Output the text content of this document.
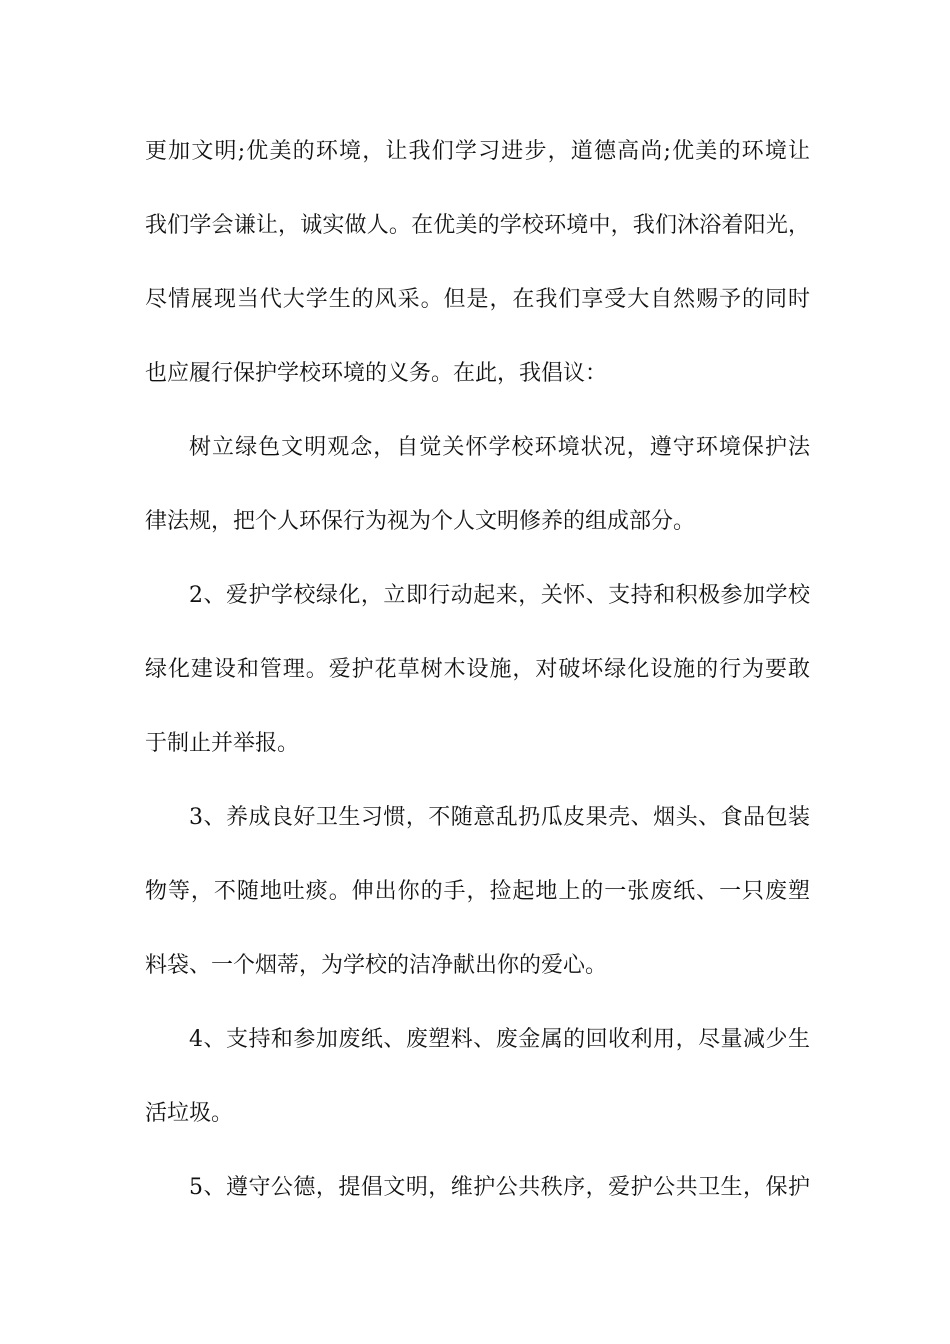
更加文明;优美的环境，让我们学习进步，道德高尚;优美的环境让
我们学会谦让，诚实做人。在优美的学校环境中，我们沐浴着阳光，
尽情展现当代大学生的风采。但是，在我们享受大自然赐予的同时
也应履行保护学校环境的义务。在此，我倡议：
树立绿色文明观念，自觉关怀学校环境状况，遵守环境保护法
律法规，把个人环保行为视为个人文明修养的组成部分。
2、爱护学校绿化，立即行动起来，关怀、支持和积极参加学校
绿化建设和管理。爱护花草树木设施，对破坏绿化设施的行为要敢
于制止并举报。
3、养成良好卫生习惯，不随意乱扔瓜皮果壳、烟头、食品包装
物等，不随地吐痰。伸出你的手，捡起地上的一张废纸、一只废塑
料袋、一个烟蒂，为学校的洁净献出你的爱心。
4、支持和参加废纸、废塑料、废金属的回收利用，尽量减少生
活垃圾。
5、遵守公德，提倡文明，维护公共秩序，爱护公共卫生，保护
